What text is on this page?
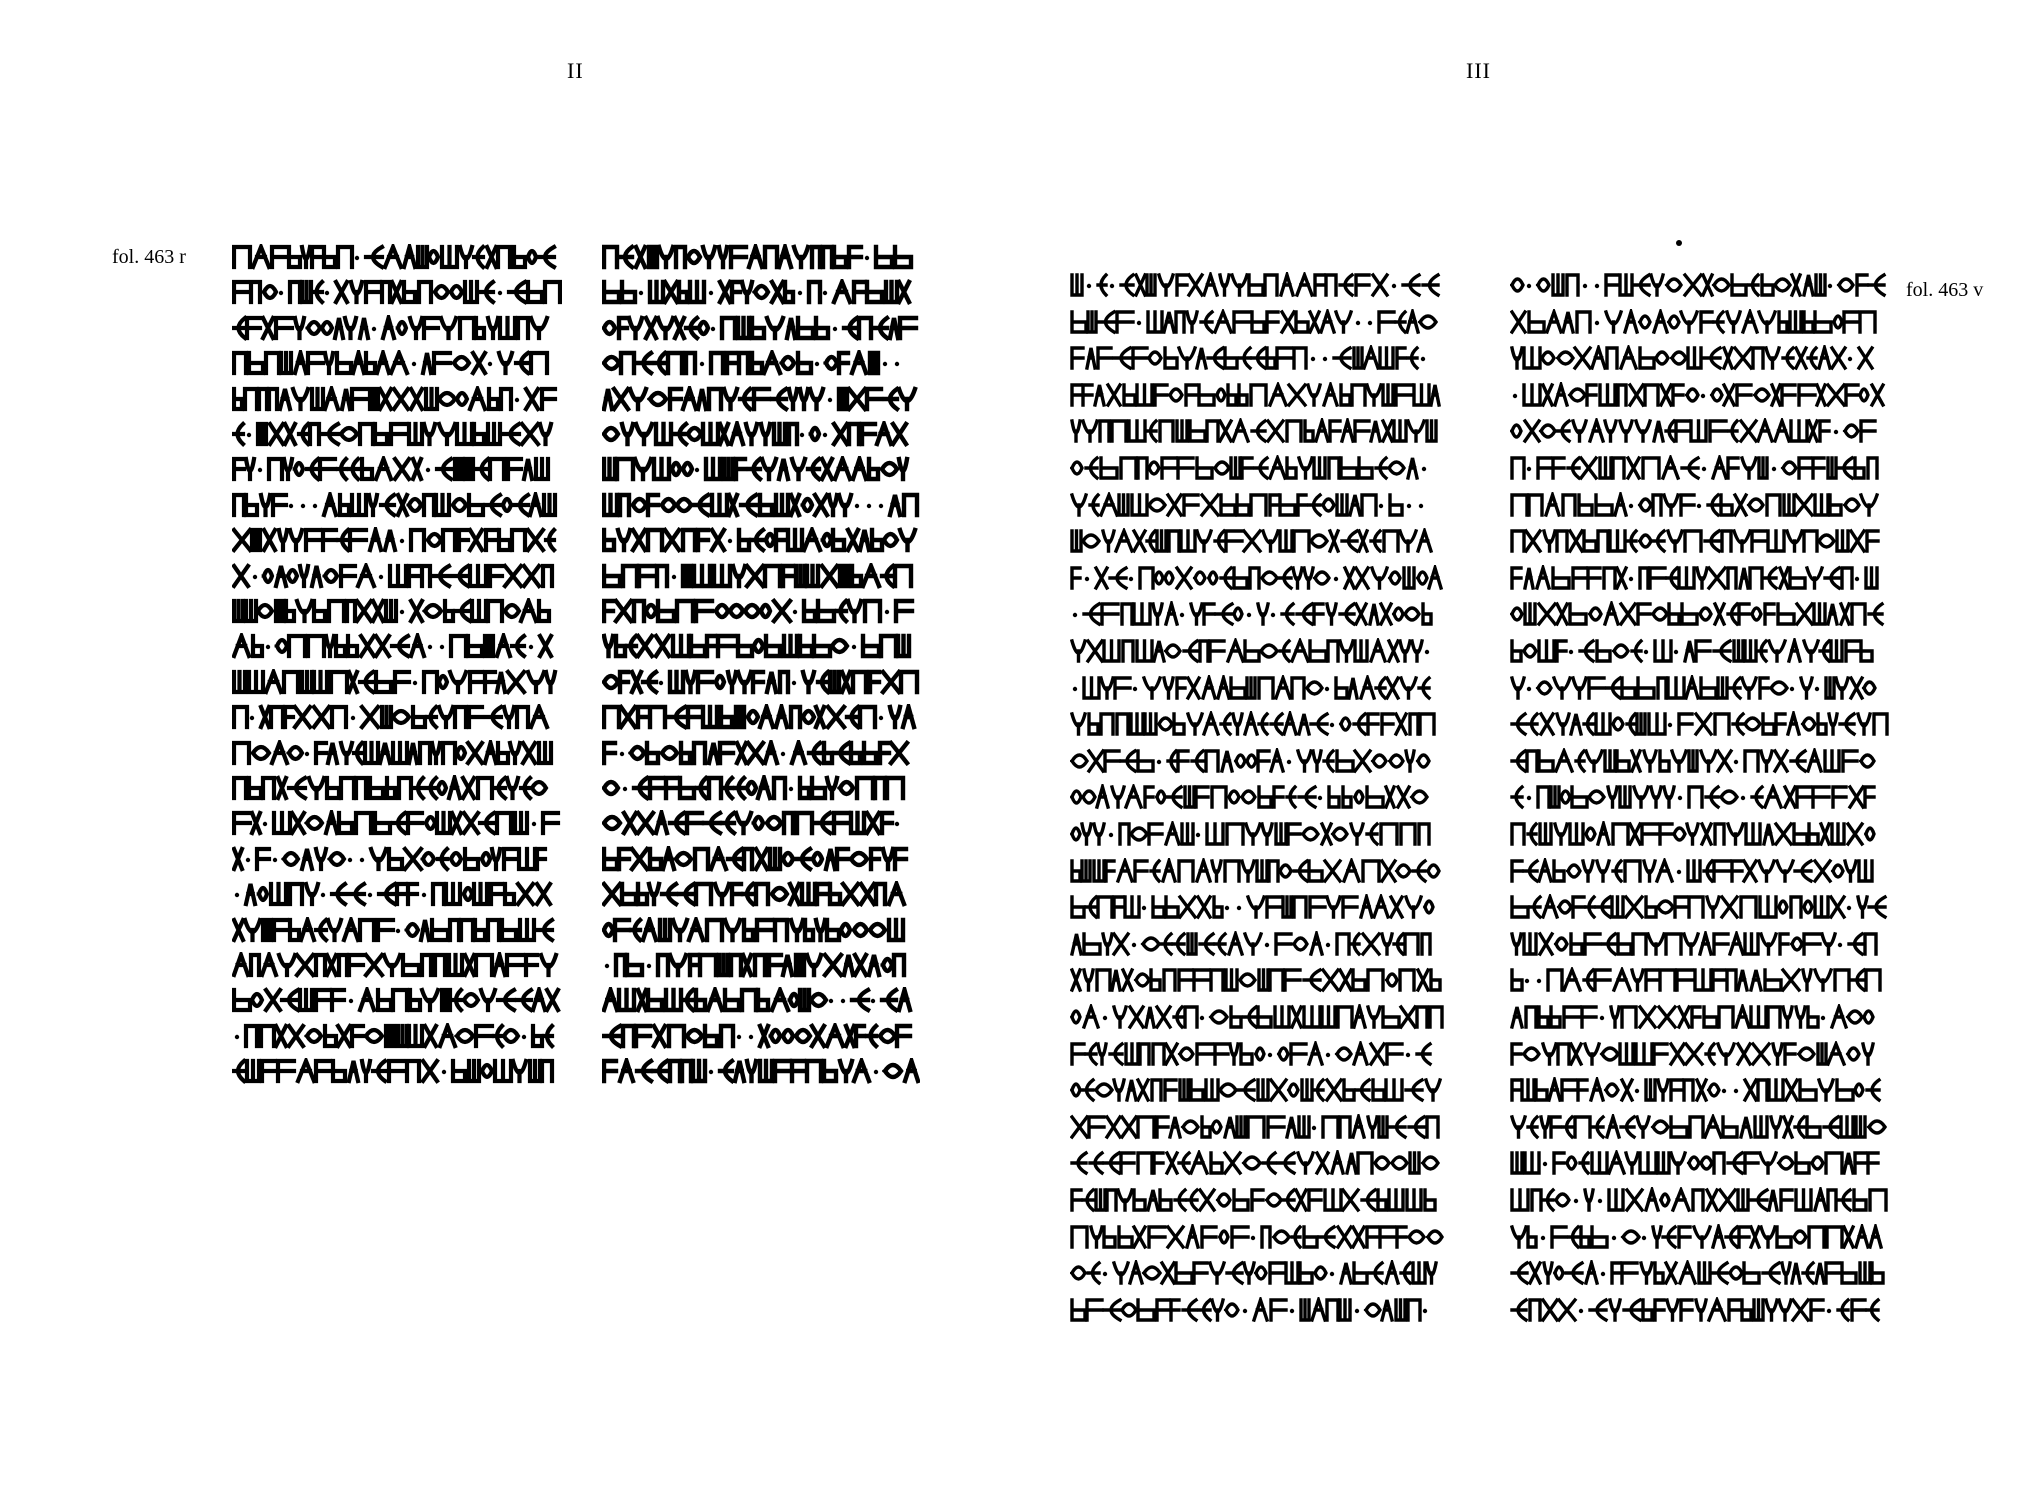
II	III
fol. 463 r
fol. 463 v
